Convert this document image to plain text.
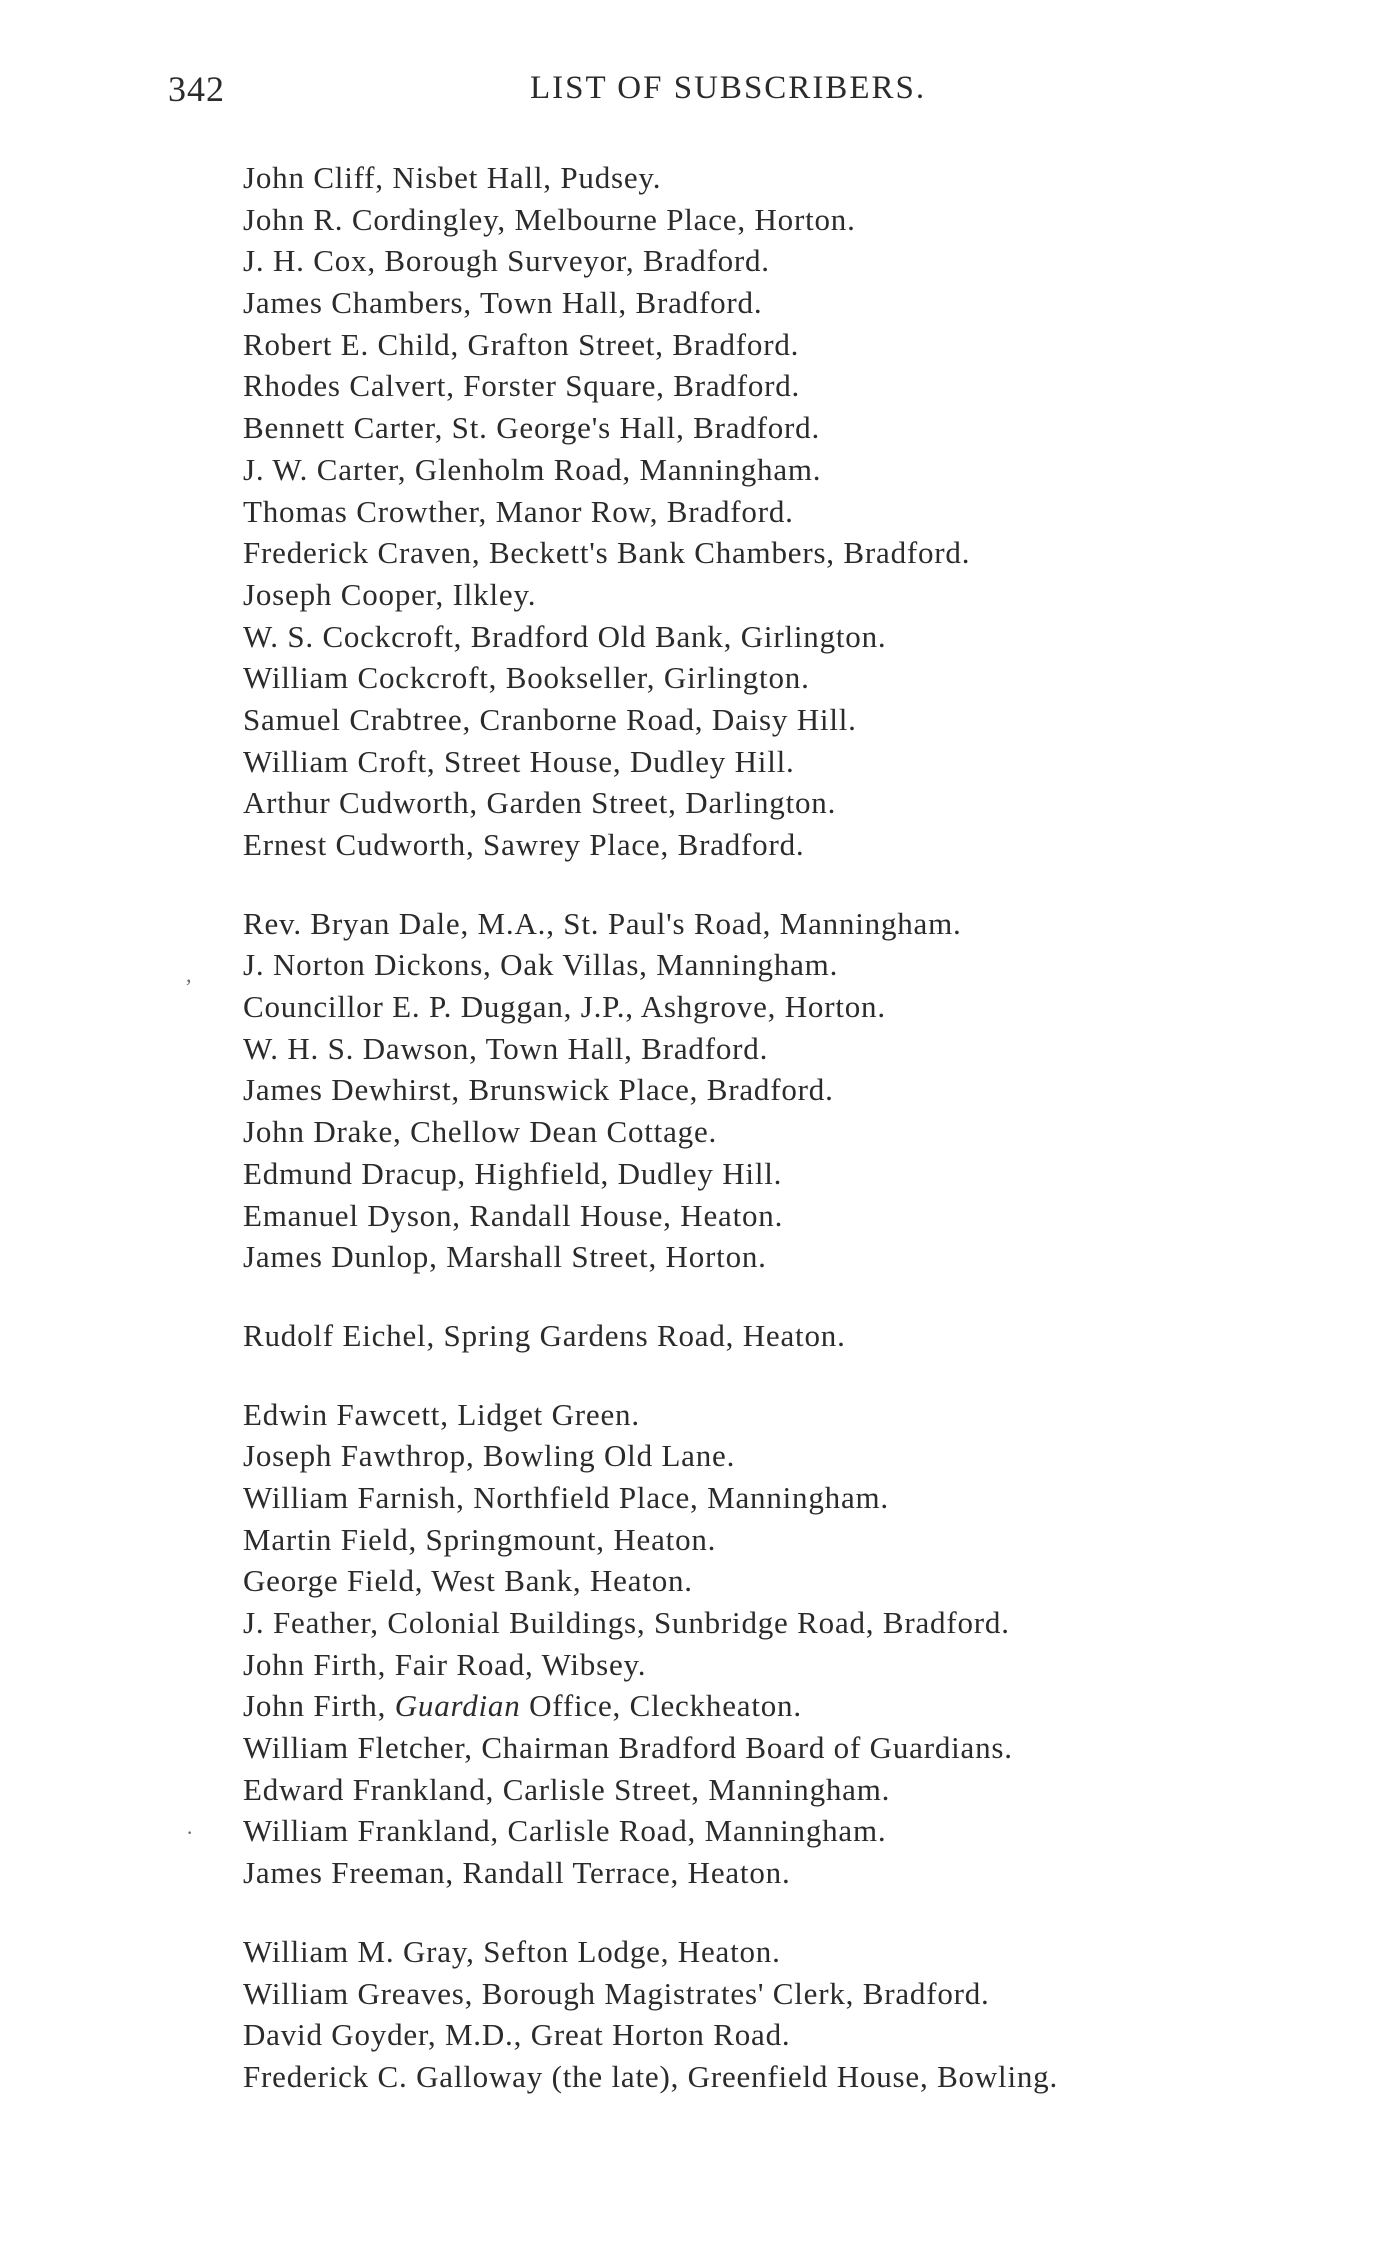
342	LIST OF SUBSCRIBERS.
,
·
John Cliff, Nisbet Hall, Pudsey.
John R. Cordingley, Melbourne Place, Horton.
J. H. Cox, Borough Surveyor, Bradford.
James Chambers, Town Hall, Bradford.
Robert E. Child, Grafton Street, Bradford.
Rhodes Calvert, Forster Square, Bradford.
Bennett Carter, St. George's Hall, Bradford.
J. W. Carter, Glenholm Road, Manningham.
Thomas Crowther, Manor Row, Bradford.
Frederick Craven, Beckett's Bank Chambers, Bradford.
Joseph Cooper, Ilkley.
W. S. Cockcroft, Bradford Old Bank, Girlington.
William Cockcroft, Bookseller, Girlington.
Samuel Crabtree, Cranborne Road, Daisy Hill.
William Croft, Street House, Dudley Hill.
Arthur Cudworth, Garden Street, Darlington.
Ernest Cudworth, Sawrey Place, Bradford.
Rev. Bryan Dale, M.A., St. Paul's Road, Manningham.
J. Norton Dickons, Oak Villas, Manningham.
Councillor E. P. Duggan, J.P., Ashgrove, Horton.
W. H. S. Dawson, Town Hall, Bradford.
James Dewhirst, Brunswick Place, Bradford.
John Drake, Chellow Dean Cottage.
Edmund Dracup, Highfield, Dudley Hill.
Emanuel Dyson, Randall House, Heaton.
James Dunlop, Marshall Street, Horton.
Rudolf Eichel, Spring Gardens Road, Heaton.
Edwin Fawcett, Lidget Green.
Joseph Fawthrop, Bowling Old Lane.
William Farnish, Northfield Place, Manningham.
Martin Field, Springmount, Heaton.
George Field, West Bank, Heaton.
J. Feather, Colonial Buildings, Sunbridge Road, Bradford.
John Firth, Fair Road, Wibsey.
John Firth, Guardian Office, Cleckheaton.
William Fletcher, Chairman Bradford Board of Guardians.
Edward Frankland, Carlisle Street, Manningham.
William Frankland, Carlisle Road, Manningham.
James Freeman, Randall Terrace, Heaton.
William M. Gray, Sefton Lodge, Heaton.
William Greaves, Borough Magistrates' Clerk, Bradford.
David Goyder, M.D., Great Horton Road.
Frederick C. Galloway (the late), Greenfield House, Bowling.
